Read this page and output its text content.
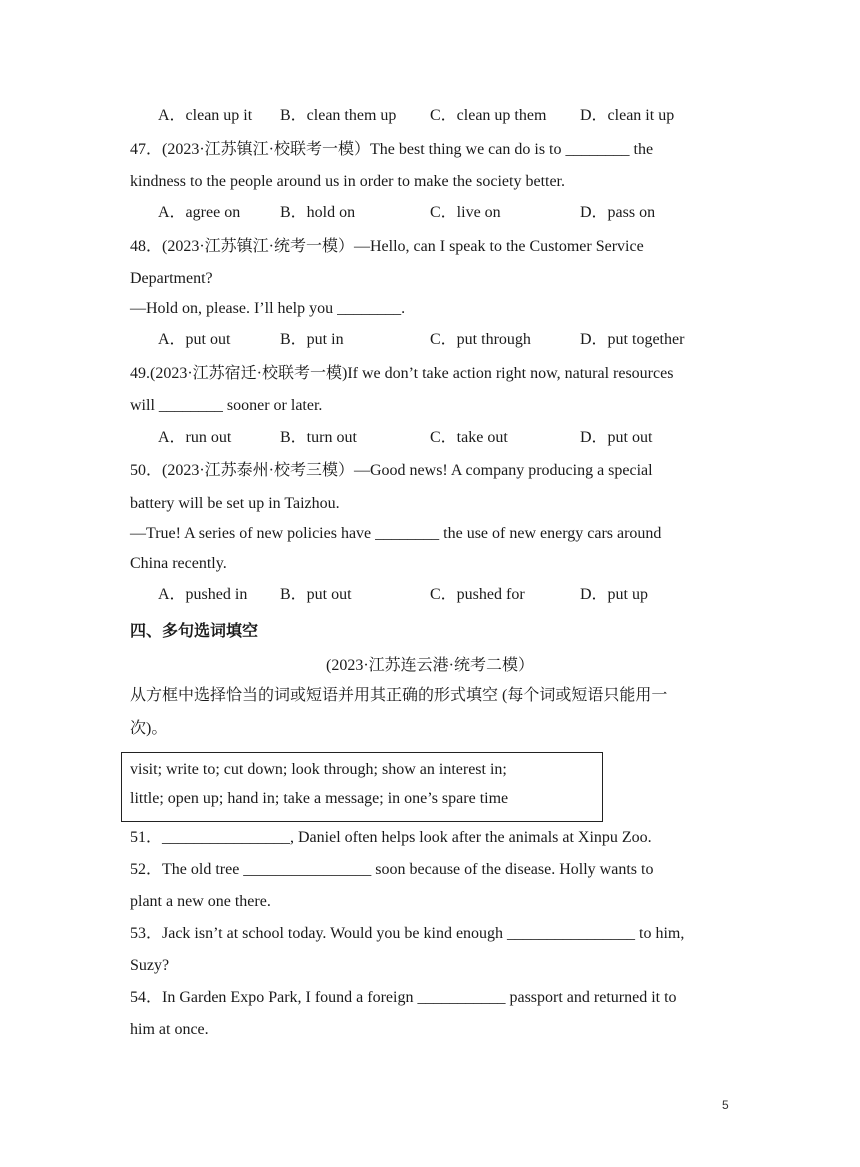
A．clean up it B．clean them up C．clean up them D．clean it up
47．(2023·江苏镇江·校联考一模）The best thing we can do is to ________ the
kindness to the people around us in order to make the society better.
A．agree on B．hold on	C．live on	D．pass on
48．(2023·江苏镇江·统考一模）—Hello, can I speak to the Customer Service
Department?
—Hold on, please. I’ll help you ________.
A．put out	B．put in	C．put through	D．put together
49.(2023·江苏宿迁·校联考一模)If we don’t take action right now, natural resources
will ________ sooner or later.
A．run out	B．turn out	C．take out	D．put out
50．(2023·江苏泰州·校考三模）—Good news! A company producing a special
battery will be set up in Taizhou.
—True! A series of new policies have ________ the use of new energy cars around
China recently.
A．pushed in B．put out	C．pushed for	D．put up
四、多句选词填空
(2023·江苏连云港·统考二模）
从方框中选择恰当的词或短语并用其正确的形式填空 (每个词或短语只能用一
次)。
visit; write to; cut down; look through; show an interest in;
little; open up; hand in; take a message; in one’s spare time
51．________________, Daniel often helps look after the animals at Xinpu Zoo.
52．The old tree ________________ soon because of the disease. Holly wants to
plant a new one there.
53．Jack isn’t at school today. Would you be kind enough ________________ to him,
Suzy?
54．In Garden Expo Park, I found a foreign ___________ passport and returned it to
him at once.
5
